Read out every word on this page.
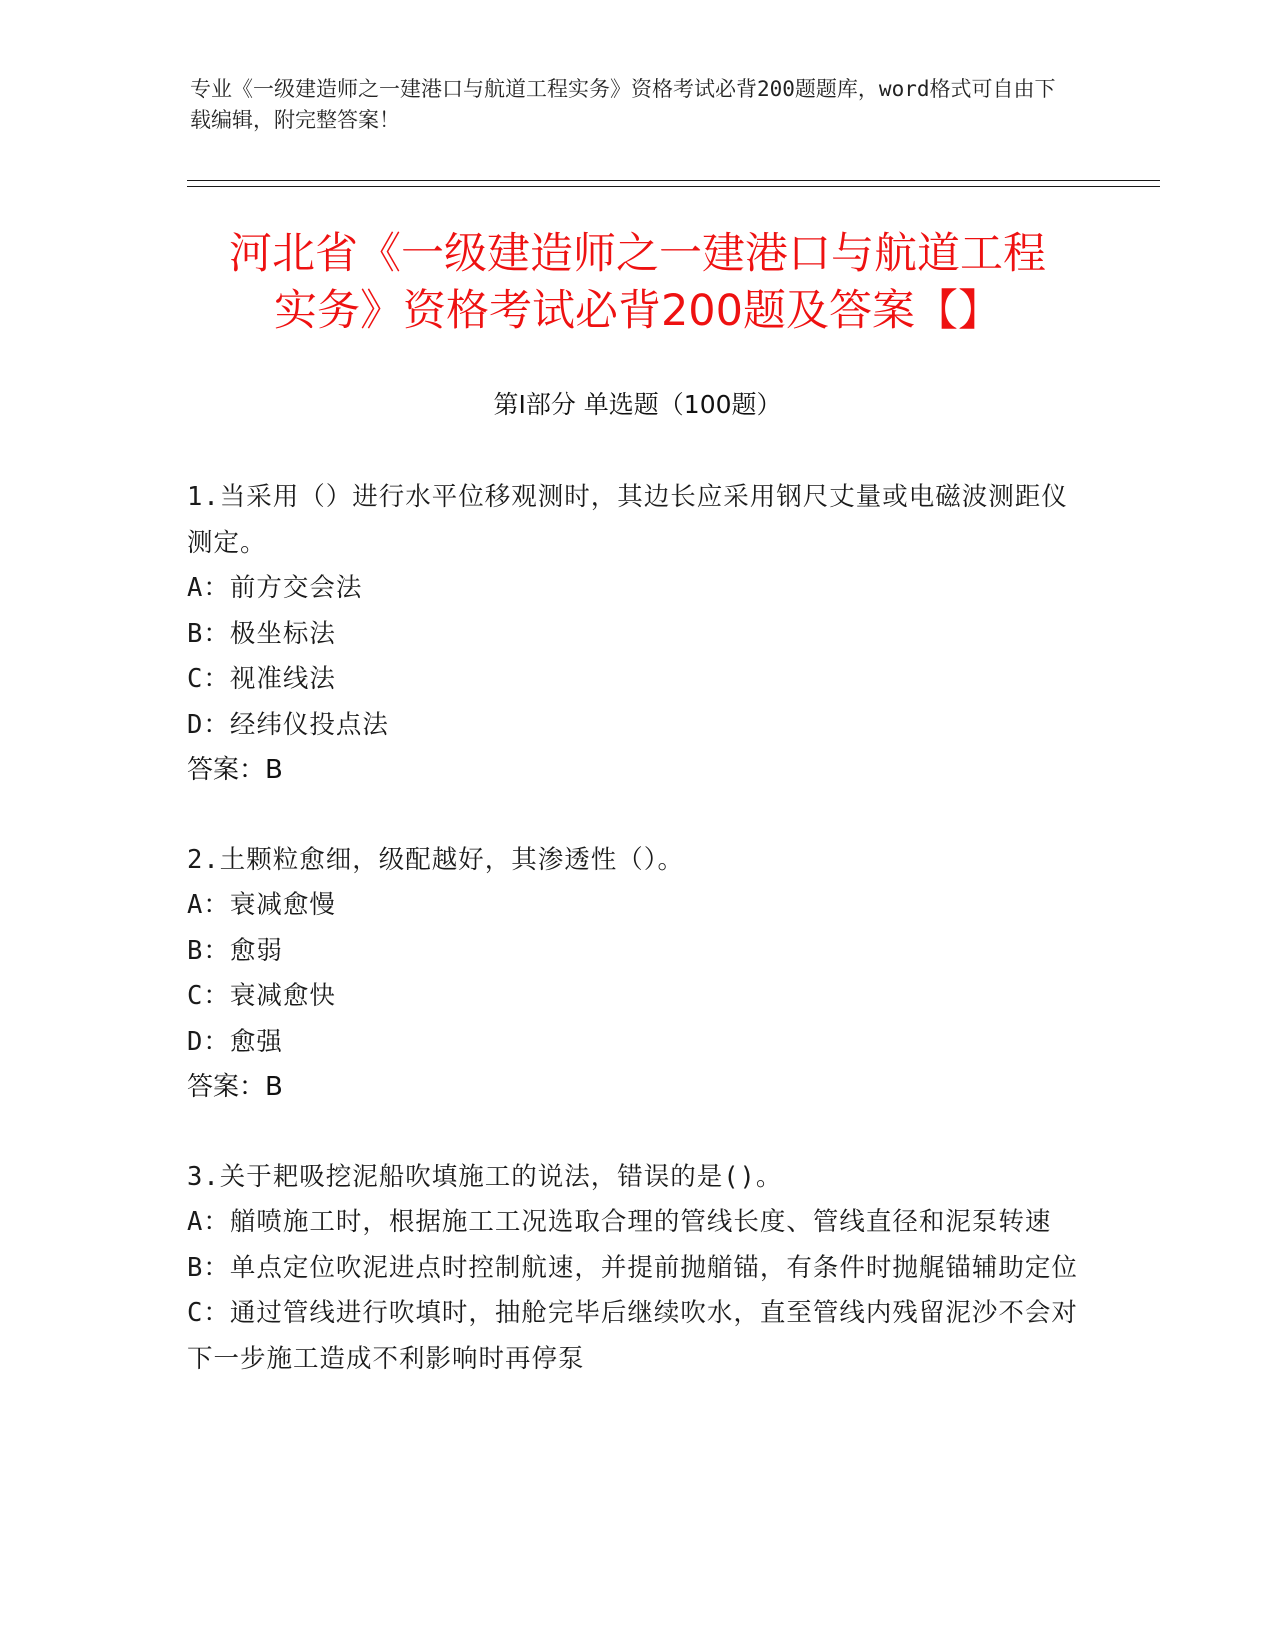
专业《一级建造师之一建港口与航道工程实务》资格考试必背200题题库，word格式可自由下载编辑，附完整答案！
河北省《一级建造师之一建港口与航道工程
实务》资格考试必背200题及答案【】
第Ⅰ部分 单选题（100题）
1.当采用（）进行水平位移观测时，其边长应采用钢尺丈量或电磁波测距仪测定。
A：前方交会法
B：极坐标法
C：视准线法
D：经纬仪投点法
答案：B
2.土颗粒愈细，级配越好，其渗透性（）。
A：衰减愈慢
B：愈弱
C：衰减愈快
D：愈强
答案：B
3.关于耙吸挖泥船吹填施工的说法，错误的是()。
A：艏喷施工时，根据施工工况选取合理的管线长度、管线直径和泥泵转速
B：单点定位吹泥进点时控制航速，并提前抛艏锚，有条件时抛艉锚辅助定位
C：通过管线进行吹填时，抽舱完毕后继续吹水，直至管线内残留泥沙不会对下一步施工造成不利影响时再停泵
